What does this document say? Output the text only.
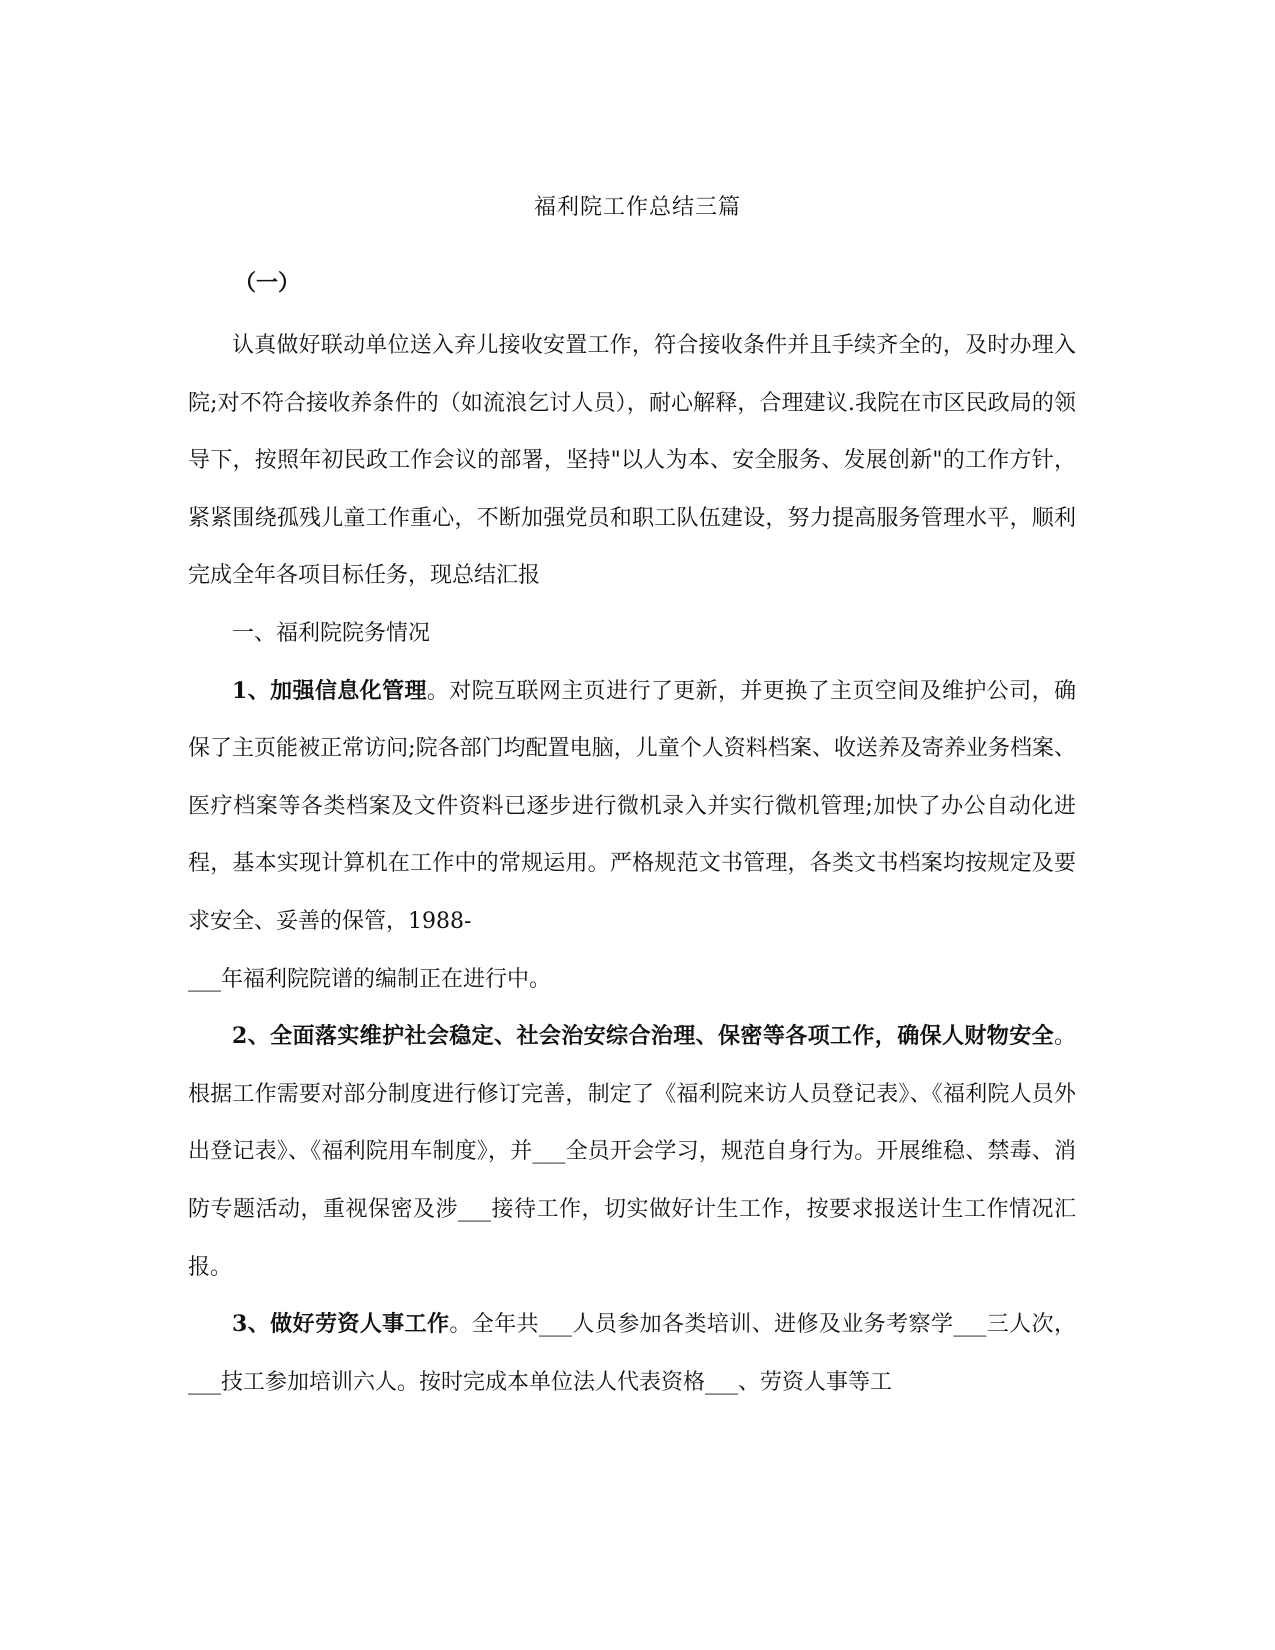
福利院工作总结三篇
（一）

认真做好联动单位送入弃儿接收安置工作，符合接收条件并且手续齐全的，及时办理入院;对不符合接收养条件的（如流浪乞讨人员），耐心解释，合理建议.我院在市区民政局的领导下，按照年初民政工作会议的部署，坚持"以人为本、安全服务、发展创新"的工作方针，紧紧围绕孤残儿童工作重心，不断加强党员和职工队伍建设，努力提高服务管理水平，顺利完成全年各项目标任务，现总结汇报

一、福利院院务情况

1、加强信息化管理。对院互联网主页进行了更新，并更换了主页空间及维护公司，确保了主页能被正常访问;院各部门均配置电脑，儿童个人资料档案、收送养及寄养业务档案、医疗档案等各类档案及文件资料已逐步进行微机录入并实行微机管理;加快了办公自动化进程，基本实现计算机在工作中的常规运用。严格规范文书管理，各类文书档案均按规定及要求安全、妥善的保管，1988-

___年福利院院谱的编制正在进行中。

2、全面落实维护社会稳定、社会治安综合治理、保密等各项工作，确保人财物安全。根据工作需要对部分制度进行修订完善，制定了《福利院来访人员登记表》、《福利院人员外出登记表》、《福利院用车制度》，并___全员开会学习，规范自身行为。开展维稳、禁毒、消防专题活动，重视保密及涉___接待工作，切实做好计生工作，按要求报送计生工作情况汇报。

3、做好劳资人事工作。全年共___人员参加各类培训、进修及业务考察学___三人次，___技工参加培训六人。按时完成本单位法人代表资格___、劳资人事等工
